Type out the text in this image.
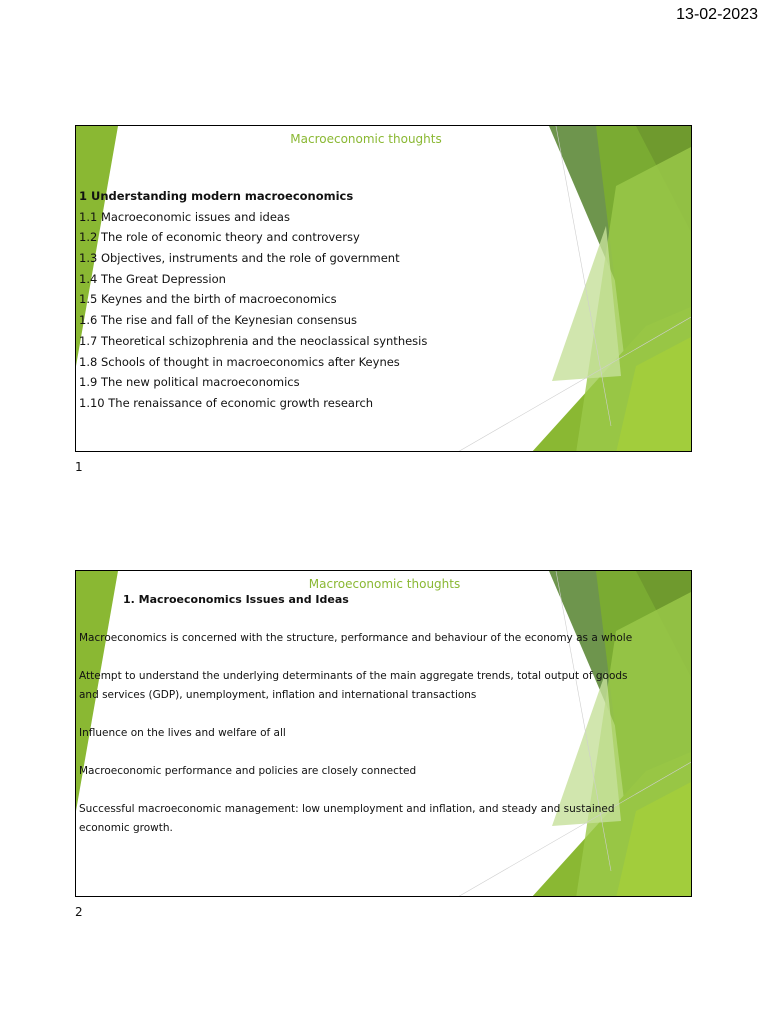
13-02-2023
Macroeconomic thoughts
1 Understanding modern macroeconomics
1.1 Macroeconomic issues and ideas
1.2 The role of economic theory and controversy
1.3 Objectives, instruments and the role of government
1.4 The Great Depression
1.5 Keynes and the birth of macroeconomics
1.6 The rise and fall of the Keynesian consensus
1.7 Theoretical schizophrenia and the neoclassical synthesis
1.8 Schools of thought in macroeconomics after Keynes
1.9 The new political macroeconomics
1.10 The renaissance of economic growth research
1
Macroeconomic thoughts
1. Macroeconomics Issues and Ideas

Macroeconomics is concerned with the structure, performance and behaviour of the economy as a whole

Attempt to understand the underlying determinants of the main aggregate trends, total output of goods and services (GDP), unemployment, inflation and international transactions

Influence on the lives and welfare of all

Macroeconomic performance and policies are closely connected

Successful macroeconomic management: low unemployment and inflation, and steady and sustained economic growth.

2
